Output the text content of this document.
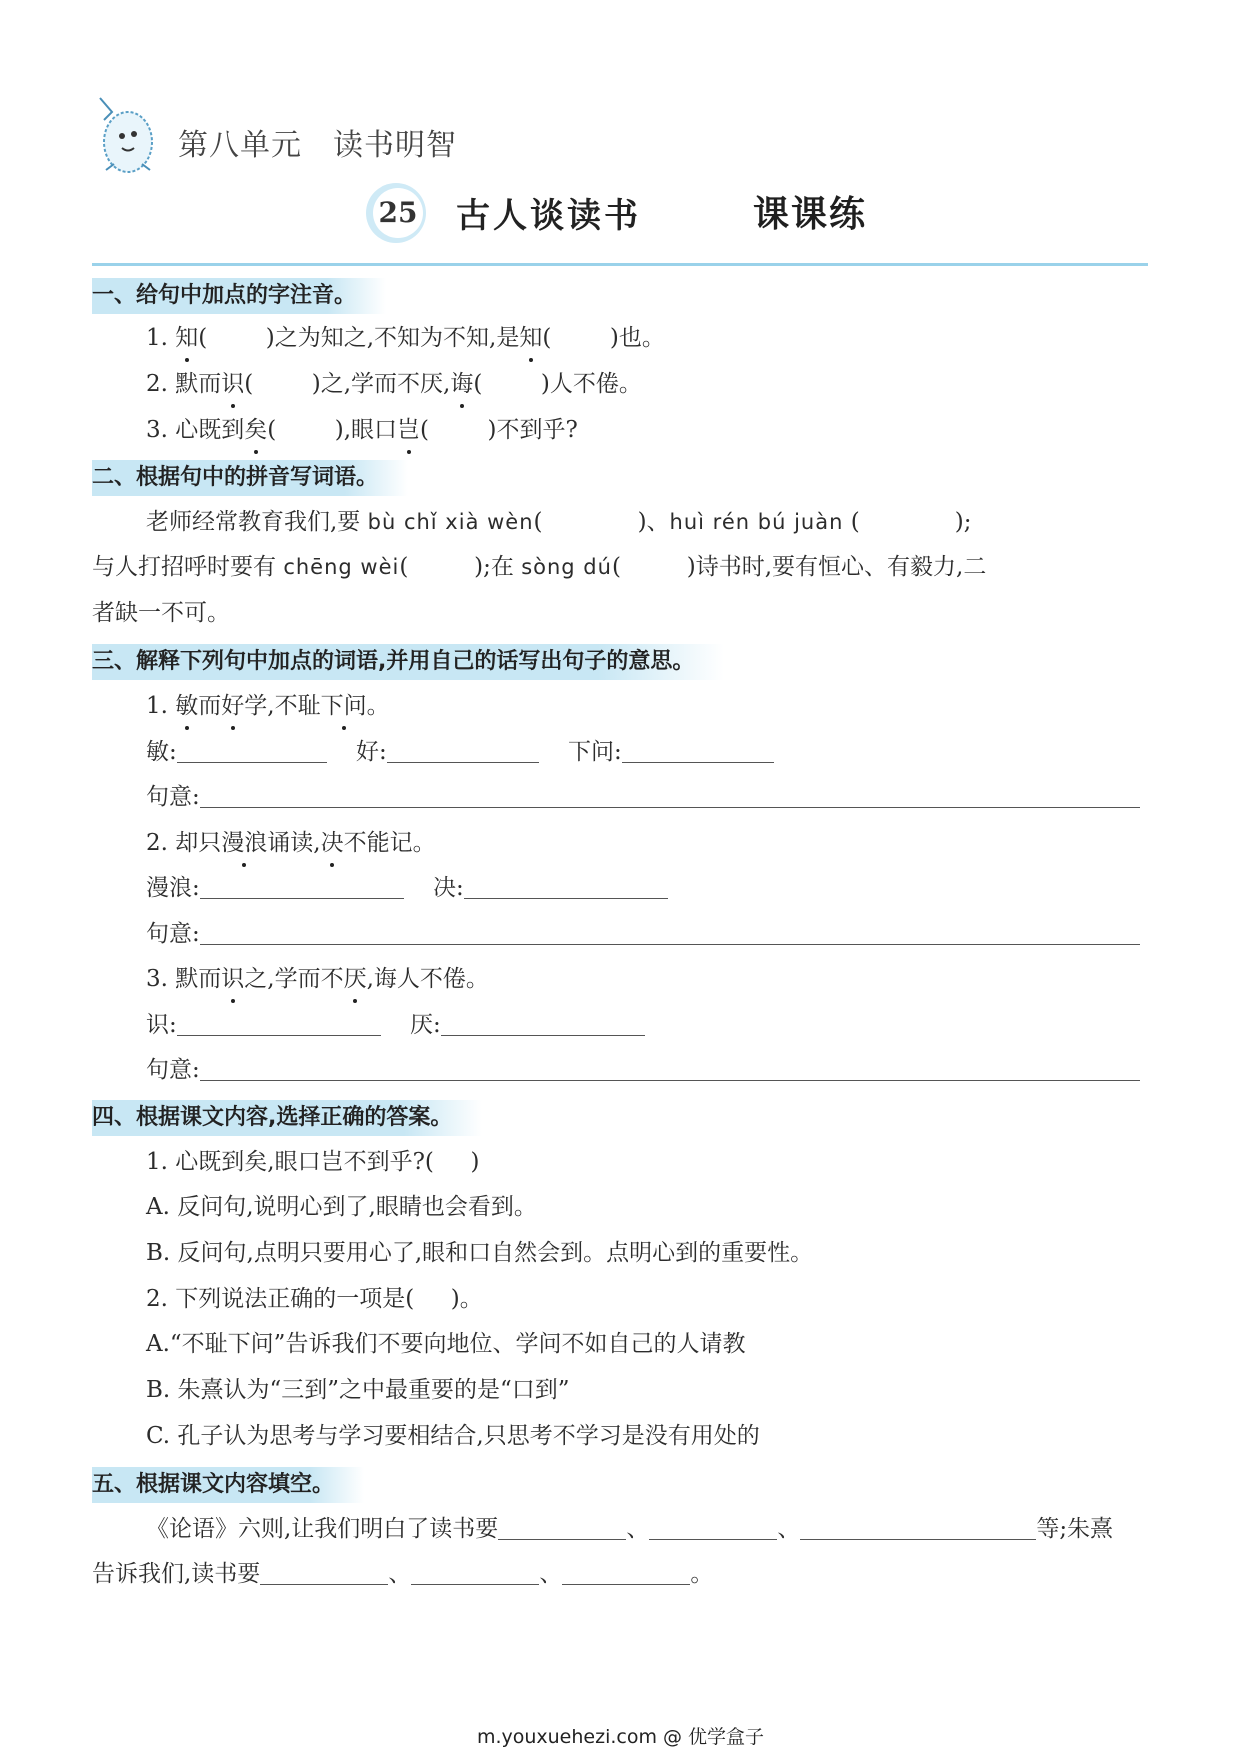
第八单元　读书明智
25 古人谈读书	课课练
一、给句中加点的字注音。
1. 知(	)之为知之,不知为不知,是知(	)也。
2. 默而识(	)之,学而不厌,诲(	)人不倦。
3. 心既到矣(	),眼口岂(	)不到乎?
二、根据句中的拼音写词语。
老师经常教育我们,要 bù chǐ xià wèn(	)、huì rén bú juàn (	);
与人打招呼时要有 chēng wèi(	);在 sòng dú(	)诗书时,要有恒心、有毅力,二
者缺一不可。
三、解释下列句中加点的词语,并用自己的话写出句子的意思。
1. 敏而好学,不耻下问。
敏:	好:	下问:
句意:
2. 却只漫浪诵读,决不能记。
漫浪:	决:
句意:
3. 默而识之,学而不厌,诲人不倦。
识:	厌:
句意:
四、根据课文内容,选择正确的答案。
1. 心既到矣,眼口岂不到乎?( )
A. 反问句,说明心到了,眼睛也会看到。
B. 反问句,点明只要用心了,眼和口自然会到。点明心到的重要性。
2. 下列说法正确的一项是( )。
A.“不耻下问”告诉我们不要向地位、学问不如自己的人请教
B. 朱熹认为“三到”之中最重要的是“口到”
C. 孔子认为思考与学习要相结合,只思考不学习是没有用处的
五、根据课文内容填空。
《论语》六则,让我们明白了读书要	、	、	等;朱熹
告诉我们,读书要	、	、	。
m.youxuehezi.com @ 优学盒子
